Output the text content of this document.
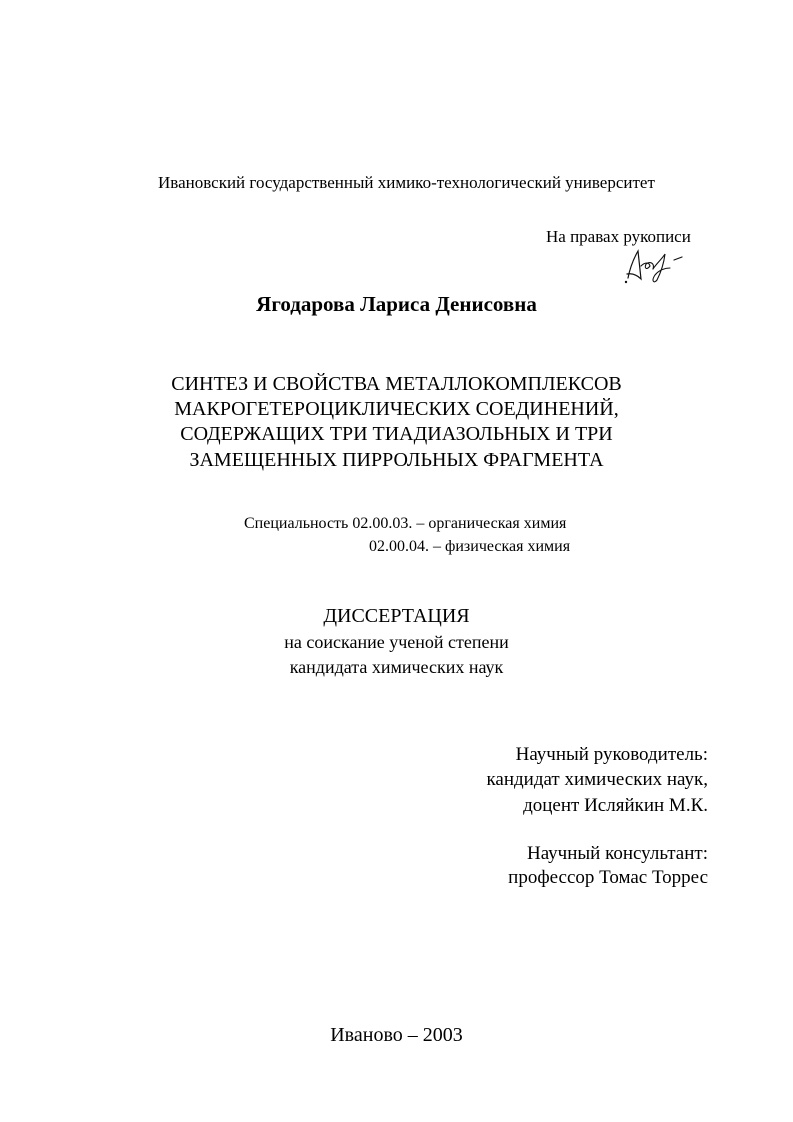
Ивановский государственный химико-технологический университет
На правах рукописи
Ягодарова Лариса Денисовна
СИНТЕЗ И СВОЙСТВА МЕТАЛЛОКОМПЛЕКСОВ
МАКРОГЕТЕРОЦИКЛИЧЕСКИХ СОЕДИНЕНИЙ,
СОДЕРЖАЩИХ ТРИ ТИАДИАЗОЛЬНЫХ И ТРИ
ЗАМЕЩЕННЫХ ПИРРОЛЬНЫХ ФРАГМЕНТА
Специальность 02.00.03. – органическая химия
02.00.04. – физическая химия
ДИССЕРТАЦИЯ
на соискание ученой степени
кандидата химических наук
Научный руководитель:
кандидат химических наук,
доцент Исляйкин М.К.
Научный консультант:
профессор Томас Торрес
Иваново – 2003
